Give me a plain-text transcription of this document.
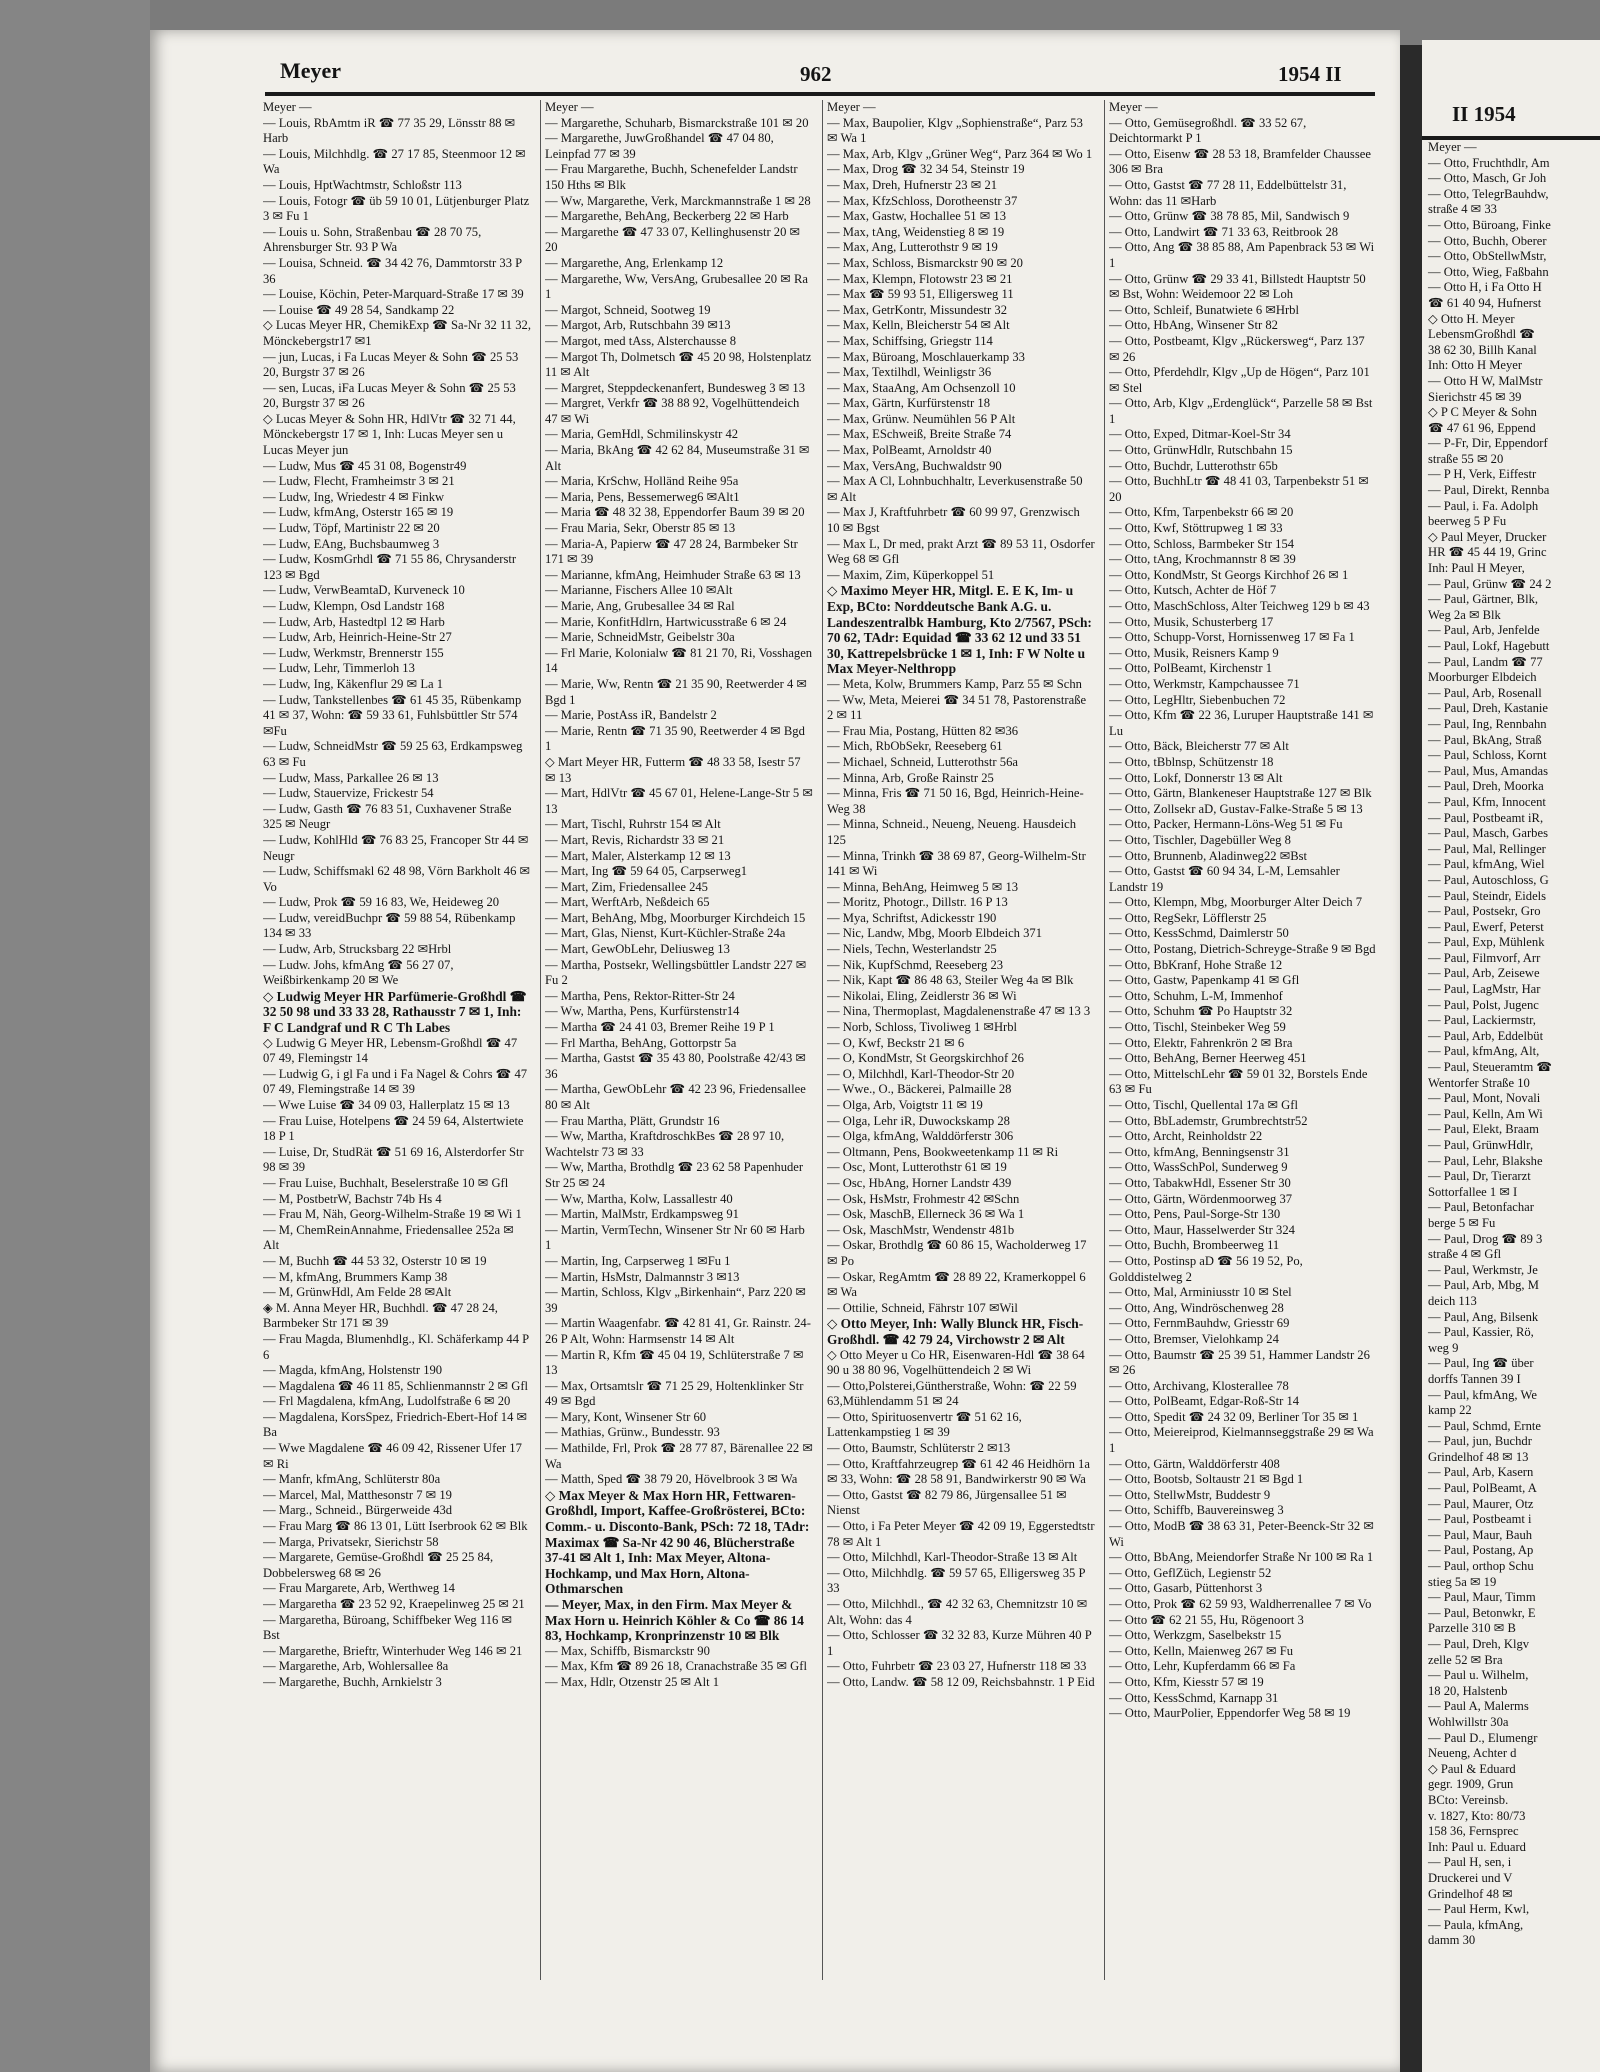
Meyer	962	1954 II
Meyer —
— Louis, RbAmtm iR ☎ 77 35 29, Lönsstr 88 ✉ Harb
— Louis, Milchhdlg. ☎ 27 17 85, Steenmoor 12 ✉ Wa
— Louis, HptWachtmstr, Schloßstr 113
— Louis, Fotogr ☎ üb 59 10 01, Lütjenburger Platz 3 ✉ Fu 1
— Louis u. Sohn, Straßenbau ☎ 28 70 75, Ahrensburger Str. 93 P Wa
— Louisa, Schneid. ☎ 34 42 76, Dammtorstr 33 P 36
— Louise, Köchin, Peter-Marquard-Straße 17 ✉ 39
— Louise ☎ 49 28 54, Sandkamp 22
◇ Lucas Meyer HR, ChemikExp ☎ Sa-Nr 32 11 32, Mönckebergstr17 ✉1
— jun, Lucas, i Fa Lucas Meyer & Sohn ☎ 25 53 20, Burgstr 37 ✉ 26
— sen, Lucas, iFa Lucas Meyer & Sohn ☎ 25 53 20, Burgstr 37 ✉ 26
◇ Lucas Meyer & Sohn HR, HdlVtr ☎ 32 71 44, Mönckebergstr 17 ✉ 1, Inh: Lucas Meyer sen u Lucas Meyer jun
— Ludw, Mus ☎ 45 31 08, Bogenstr49
— Ludw, Flecht, Framheimstr 3 ✉ 21
— Ludw, Ing, Wriedestr 4 ✉ Finkw
— Ludw, kfmAng, Osterstr 165 ✉ 19
— Ludw, Töpf, Martinistr 22 ✉ 20
— Ludw, EAng, Buchsbaumweg 3
— Ludw, KosmGrhdl ☎ 71 55 86, Chrysanderstr 123 ✉ Bgd
— Ludw, VerwBeamtaD, Kurveneck 10
— Ludw, Klempn, Osd Landstr 168
— Ludw, Arb, Hastedtpl 12 ✉ Harb
— Ludw, Arb, Heinrich-Heine-Str 27
— Ludw, Werkmstr, Brennerstr 155
— Ludw, Lehr, Timmerloh 13
— Ludw, Ing, Käkenflur 29 ✉ La 1
— Ludw, Tankstellenbes ☎ 61 45 35, Rübenkamp 41 ✉ 37, Wohn: ☎ 59 33 61, Fuhlsbüttler Str 574 ✉Fu
— Ludw, SchneidMstr ☎ 59 25 63, Erdkampsweg 63 ✉ Fu
— Ludw, Mass, Parkallee 26 ✉ 13
— Ludw, Stauervize, Frickestr 54
— Ludw, Gasth ☎ 76 83 51, Cuxhavener Straße 325 ✉ Neugr
— Ludw, KohlHld ☎ 76 83 25, Francoper Str 44 ✉ Neugr
— Ludw, Schiffsmakl 62 48 98, Vörn Barkholt 46 ✉ Vo
— Ludw, Prok ☎ 59 16 83, We, Heideweg 20
— Ludw, vereidBuchpr ☎ 59 88 54, Rübenkamp 134 ✉ 33
— Ludw, Arb, Strucksbarg 22 ✉Hrbl
— Ludw. Johs, kfmAng ☎ 56 27 07, Weißbirkenkamp 20 ✉ We
◇ Ludwig Meyer HR Parfümerie-Großhdl ☎ 32 50 98 und 33 33 28, Rathausstr 7 ✉ 1, Inh: F C Landgraf und R C Th Labes
◇ Ludwig G Meyer HR, Lebensm-Großhdl ☎ 47 07 49, Flemingstr 14
— Ludwig G, i gl Fa und i Fa Nagel & Cohrs ☎ 47 07 49, Flemingstraße 14 ✉ 39
— Wwe Luise ☎ 34 09 03, Hallerplatz 15 ✉ 13
— Frau Luise, Hotelpens ☎ 24 59 64, Alstertwiete 18 P 1
— Luise, Dr, StudRät ☎ 51 69 16, Alsterdorfer Str 98 ✉ 39
— Frau Luise, Buchhalt, Beselerstraße 10 ✉ Gfl
— M, PostbetrW, Bachstr 74b Hs 4
— Frau M, Näh, Georg-Wilhelm-Straße 19 ✉ Wi 1
— M, ChemReinAnnahme, Friedensallee 252a ✉ Alt
— M, Buchh ☎ 44 53 32, Osterstr 10 ✉ 19
— M, kfmAng, Brummers Kamp 38
— M, GrünwHdl, Am Felde 28 ✉Alt
◈ M. Anna Meyer HR, Buchhdl. ☎ 47 28 24, Barmbeker Str 171 ✉ 39
— Frau Magda, Blumenhdlg., Kl. Schäferkamp 44 P 6
— Magda, kfmAng, Holstenstr 190
— Magdalena ☎ 46 11 85, Schlienmannstr 2 ✉ Gfl
— Frl Magdalena, kfmAng, Ludolfstraße 6 ✉ 20
— Magdalena, KorsSpez, Friedrich-Ebert-Hof 14 ✉ Ba
— Wwe Magdalene ☎ 46 09 42, Rissener Ufer 17 ✉ Ri
— Manfr, kfmAng, Schlüterstr 80a
— Marcel, Mal, Matthesonstr 7 ✉ 19
— Marg., Schneid., Bürgerweide 43d
— Frau Marg ☎ 86 13 01, Lütt Iserbrook 62 ✉ Blk
— Marga, Privatsekr, Sierichstr 58
— Margarete, Gemüse-Großhdl ☎ 25 25 84, Dobbelersweg 68 ✉ 26
— Frau Margarete, Arb, Werthweg 14
— Margaretha ☎ 23 52 92, Kraepelinweg 25 ✉ 21
— Margaretha, Büroang, Schiffbeker Weg 116 ✉ Bst
— Margarethe, Brieftr, Winterhuder Weg 146 ✉ 21
— Margarethe, Arb, Wohlersallee 8a
— Margarethe, Buchh, Arnkielstr 3
Meyer —
— Margarethe, Schuharb, Bismarckstraße 101 ✉ 20
— Margarethe, JuwGroßhandel ☎ 47 04 80, Leinpfad 77 ✉ 39
— Frau Margarethe, Buchh, Schenefelder Landstr 150 Hths ✉ Blk
— Ww, Margarethe, Verk, Marckmannstraße 1 ✉ 28
— Margarethe, BehAng, Beckerberg 22 ✉ Harb
— Margarethe ☎ 47 33 07, Kellinghusenstr 20 ✉ 20
— Margarethe, Ang, Erlenkamp 12
— Margarethe, Ww, VersAng, Grubesallee 20 ✉ Ra 1
— Margot, Schneid, Sootweg 19
— Margot, Arb, Rutschbahn 39 ✉13
— Margot, med tAss, Alsterchausse 8
— Margot Th, Dolmetsch ☎ 45 20 98, Holstenplatz 11 ✉ Alt
— Margret, Steppdeckenanfert, Bundesweg 3 ✉ 13
— Margret, Verkfr ☎ 38 88 92, Vogelhüttendeich 47 ✉ Wi
— Maria, GemHdl, Schmilinskystr 42
— Maria, BkAng ☎ 42 62 84, Museumstraße 31 ✉ Alt
— Maria, KrSchw, Holländ Reihe 95a
— Maria, Pens, Bessemerweg6 ✉Alt1
— Maria ☎ 48 32 38, Eppendorfer Baum 39 ✉ 20
— Frau Maria, Sekr, Oberstr 85 ✉ 13
— Maria-A, Papierw ☎ 47 28 24, Barmbeker Str 171 ✉ 39
— Marianne, kfmAng, Heimhuder Straße 63 ✉ 13
— Marianne, Fischers Allee 10 ✉Alt
— Marie, Ang, Grubesallee 34 ✉ Ral
— Marie, KonfitHdlrn, Hartwicusstraße 6 ✉ 24
— Marie, SchneidMstr, Geibelstr 30a
— Frl Marie, Kolonialw ☎ 81 21 70, Ri, Vosshagen 14
— Marie, Ww, Rentn ☎ 21 35 90, Reetwerder 4 ✉ Bgd 1
— Marie, PostAss iR, Bandelstr 2
— Marie, Rentn ☎ 71 35 90, Reetwerder 4 ✉ Bgd 1
◇ Mart Meyer HR, Futterm ☎ 48 33 58, Isestr 57 ✉ 13
— Mart, HdlVtr ☎ 45 67 01, Helene-Lange-Str 5 ✉ 13
— Mart, Tischl, Ruhrstr 154 ✉ Alt
— Mart, Revis, Richardstr 33 ✉ 21
— Mart, Maler, Alsterkamp 12 ✉ 13
— Mart, Ing ☎ 59 64 05, Carpserweg1
— Mart, Zim, Friedensallee 245
— Mart, WerftArb, Neßdeich 65
— Mart, BehAng, Mbg, Moorburger Kirchdeich 15
— Mart, Glas, Nienst, Kurt-Küchler-Straße 24a
— Mart, GewObLehr, Deliusweg 13
— Martha, Postsekr, Wellingsbüttler Landstr 227 ✉ Fu 2
— Martha, Pens, Rektor-Ritter-Str 24
— Ww, Martha, Pens, Kurfürstenstr14
— Martha ☎ 24 41 03, Bremer Reihe 19 P 1
— Frl Martha, BehAng, Gottorpstr 5a
— Martha, Gastst ☎ 35 43 80, Poolstraße 42/43 ✉ 36
— Martha, GewObLehr ☎ 42 23 96, Friedensallee 80 ✉ Alt
— Frau Martha, Plätt, Grundstr 16
— Ww, Martha, KraftdroschkBes ☎ 28 97 10, Wachtelstr 73 ✉ 33
— Ww, Martha, Brothdlg ☎ 23 62 58 Papenhuder Str 25 ✉ 24
— Ww, Martha, Kolw, Lassallestr 40
— Martin, MalMstr, Erdkampsweg 91
— Martin, VermTechn, Winsener Str Nr 60 ✉ Harb 1
— Martin, Ing, Carpserweg 1 ✉Fu 1
— Martin, HsMstr, Dalmannstr 3 ✉13
— Martin, Schloss, Klgv „Birkenhain“, Parz 220 ✉ 39
— Martin Waagenfabr. ☎ 42 81 41, Gr. Rainstr. 24-26 P Alt, Wohn: Harmsenstr 14 ✉ Alt
— Martin R, Kfm ☎ 45 04 19, Schlüterstraße 7 ✉ 13
— Max, Ortsamtslr ☎ 71 25 29, Holtenklinker Str 49 ✉ Bgd
— Mary, Kont, Winsener Str 60
— Mathias, Grünw., Bundesstr. 93
— Mathilde, Frl, Prok ☎ 28 77 87, Bärenallee 22 ✉ Wa
— Matth, Sped ☎ 38 79 20, Hövelbrook 3 ✉ Wa
◇ Max Meyer & Max Horn HR, Fettwaren-Großhdl, Import, Kaffee-Großrösterei, BCto: Comm.- u. Disconto-Bank, PSch: 72 18, TAdr: Maximax ☎ Sa-Nr 42 90 46, Blücherstraße 37-41 ✉ Alt 1, Inh: Max Meyer, Altona-Hochkamp, und Max Horn, Altona-Othmarschen
— Meyer, Max, in den Firm. Max Meyer & Max Horn u. Heinrich Köhler & Co ☎ 86 14 83, Hochkamp, Kronprinzenstr 10 ✉ Blk
— Max, Schiffb, Bismarckstr 90
— Max, Kfm ☎ 89 26 18, Cranachstraße 35 ✉ Gfl
— Max, Hdlr, Otzenstr 25 ✉ Alt 1
Meyer —
— Max, Baupolier, Klgv „Sophienstraße“, Parz 53 ✉ Wa 1
— Max, Arb, Klgv „Grüner Weg“, Parz 364 ✉ Wo 1
— Max, Drog ☎ 32 34 54, Steinstr 19
— Max, Dreh, Hufnerstr 23 ✉ 21
— Max, KfzSchloss, Dorotheenstr 37
— Max, Gastw, Hochallee 51 ✉ 13
— Max, tAng, Weidenstieg 8 ✉ 19
— Max, Ang, Lutterothstr 9 ✉ 19
— Max, Schloss, Bismarckstr 90 ✉ 20
— Max, Klempn, Flotowstr 23 ✉ 21
— Max ☎ 59 93 51, Elligersweg 11
— Max, GetrKontr, Missundestr 32
— Max, Kelln, Bleicherstr 54 ✉ Alt
— Max, Schiffsing, Griegstr 114
— Max, Büroang, Moschlauerkamp 33
— Max, Textilhdl, Weinligstr 36
— Max, StaaAng, Am Ochsenzoll 10
— Max, Gärtn, Kurfürstenstr 18
— Max, Grünw. Neumühlen 56 P Alt
— Max, ESchweiß, Breite Straße 74
— Max, PolBeamt, Arnoldstr 40
— Max, VersAng, Buchwaldstr 90
— Max A Cl, Lohnbuchhaltr, Leverkusenstraße 50 ✉ Alt
— Max J, Kraftfuhrbetr ☎ 60 99 97, Grenzwisch 10 ✉ Bgst
— Max L, Dr med, prakt Arzt ☎ 89 53 11, Osdorfer Weg 68 ✉ Gfl
— Maxim, Zim, Küperkoppel 51
◇ Maximo Meyer HR, Mitgl. E. E K, Im- u Exp, BCto: Norddeutsche Bank A.G. u. Landeszentralbk Hamburg, Kto 2/7567, PSch: 70 62, TAdr: Equidad ☎ 33 62 12 und 33 51 30, Kattrepelsbrücke 1 ✉ 1, Inh: F W Nolte u Max Meyer-Nelthropp
— Meta, Kolw, Brummers Kamp, Parz 55 ✉ Schn
— Ww, Meta, Meierei ☎ 34 51 78, Pastorenstraße 2 ✉ 11
— Frau Mia, Postang, Hütten 82 ✉36
— Mich, RbObSekr, Reeseberg 61
— Michael, Schneid, Lutterothstr 56a
— Minna, Arb, Große Rainstr 25
— Minna, Fris ☎ 71 50 16, Bgd, Heinrich-Heine-Weg 38
— Minna, Schneid., Neueng, Neueng. Hausdeich 125
— Minna, Trinkh ☎ 38 69 87, Georg-Wilhelm-Str 141 ✉ Wi
— Minna, BehAng, Heimweg 5 ✉ 13
— Moritz, Photogr., Dillstr. 16 P 13
— Mya, Schriftst, Adickesstr 190
— Nic, Landw, Mbg, Moorb Elbdeich 371
— Niels, Techn, Westerlandstr 25
— Nik, KupfSchmd, Reeseberg 23
— Nik, Kapt ☎ 86 48 63, Steiler Weg 4a ✉ Blk
— Nikolai, Eling, Zeidlerstr 36 ✉ Wi
— Nina, Thermoplast, Magdalenenstraße 47 ✉ 13 3
— Norb, Schloss, Tivoliweg 1 ✉Hrbl
— O, Kwf, Beckstr 21 ✉ 6
— O, KondMstr, St Georgskirchhof 26
— O, Milchhdl, Karl-Theodor-Str 20
— Wwe., O., Bäckerei, Palmaille 28
— Olga, Arb, Voigtstr 11 ✉ 19
— Olga, Lehr iR, Duwockskamp 28
— Olga, kfmAng, Walddörferstr 306
— Oltmann, Pens, Bookweetenkamp 11 ✉ Ri
— Osc, Mont, Lutterothstr 61 ✉ 19
— Osc, HbAng, Horner Landstr 439
— Osk, HsMstr, Frohmestr 42 ✉Schn
— Osk, MaschB, Ellerneck 36 ✉ Wa 1
— Osk, MaschMstr, Wendenstr 481b
— Oskar, Brothdlg ☎ 60 86 15, Wacholderweg 17 ✉ Po
— Oskar, RegAmtm ☎ 28 89 22, Kramerkoppel 6 ✉ Wa
— Ottilie, Schneid, Fährstr 107 ✉Wil
◇ Otto Meyer, Inh: Wally Blunck HR, Fisch-Großhdl. ☎ 42 79 24, Virchowstr 2 ✉ Alt
◇ Otto Meyer u Co HR, Eisenwaren-Hdl ☎ 38 64 90 u 38 80 96, Vogelhüttendeich 2 ✉ Wi
— Otto,Polsterei,Güntherstraße, Wohn: ☎ 22 59 63,Mühlendamm 51 ✉ 24
— Otto, Spirituosenvertr ☎ 51 62 16, Lattenkampstieg 1 ✉ 39
— Otto, Baumstr, Schlüterstr 2 ✉13
— Otto, Kraftfahrzeugrep ☎ 61 42 46 Heidhörn 1a ✉ 33, Wohn: ☎ 28 58 91, Bandwirkerstr 90 ✉ Wa
— Otto, Gastst ☎ 82 79 86, Jürgensallee 51 ✉ Nienst
— Otto, i Fa Peter Meyer ☎ 42 09 19, Eggerstedtstr 78 ✉ Alt 1
— Otto, Milchhdl, Karl-Theodor-Straße 13 ✉ Alt
— Otto, Milchhdlg. ☎ 59 57 65, Elligersweg 35 P 33
— Otto, Milchhdl., ☎ 42 32 63, Chemnitzstr 10 ✉Alt, Wohn: das 4
— Otto, Schlosser ☎ 32 32 83, Kurze Mühren 40 P 1
— Otto, Fuhrbetr ☎ 23 03 27, Hufnerstr 118 ✉ 33
— Otto, Landw. ☎ 58 12 09, Reichsbahnstr. 1 P Eid
Meyer —
— Otto, Gemüsegroßhdl. ☎ 33 52 67, Deichtormarkt P 1
— Otto, Eisenw ☎ 28 53 18, Bramfelder Chaussee 306 ✉ Bra
— Otto, Gastst ☎ 77 28 11, Eddelbüttelstr 31, Wohn: das 11 ✉Harb
— Otto, Grünw ☎ 38 78 85, Mil, Sandwisch 9
— Otto, Landwirt ☎ 71 33 63, Reitbrook 28
— Otto, Ang ☎ 38 85 88, Am Papenbrack 53 ✉ Wi 1
— Otto, Grünw ☎ 29 33 41, Billstedt Hauptstr 50 ✉ Bst, Wohn: Weidemoor 22 ✉ Loh
— Otto, Schleif, Bunatwiete 6 ✉Hrbl
— Otto, HbAng, Winsener Str 82
— Otto, Postbeamt, Klgv „Rückersweg“, Parz 137 ✉ 26
— Otto, Pferdehdlr, Klgv „Up de Högen“, Parz 101 ✉ Stel
— Otto, Arb, Klgv „Erdenglück“, Parzelle 58 ✉ Bst 1
— Otto, Exped, Ditmar-Koel-Str 34
— Otto, GrünwHdlr, Rutschbahn 15
— Otto, Buchdr, Lutterothstr 65b
— Otto, BuchhLtr ☎ 48 41 03, Tarpenbekstr 51 ✉ 20
— Otto, Kfm, Tarpenbekstr 66 ✉ 20
— Otto, Kwf, Stöttrupweg 1 ✉ 33
— Otto, Schloss, Barmbeker Str 154
— Otto, tAng, Krochmannstr 8 ✉ 39
— Otto, KondMstr, St Georgs Kirchhof 26 ✉ 1
— Otto, Kutsch, Achter de Höf 7
— Otto, MaschSchloss, Alter Teichweg 129 b ✉ 43
— Otto, Musik, Schusterberg 17
— Otto, Schupp-Vorst, Hornissenweg 17 ✉ Fa 1
— Otto, Musik, Reisners Kamp 9
— Otto, PolBeamt, Kirchenstr 1
— Otto, Werkmstr, Kampchaussee 71
— Otto, LegHltr, Siebenbuchen 72
— Otto, Kfm ☎ 22 36, Luruper Hauptstraße 141 ✉ Lu
— Otto, Bäck, Bleicherstr 77 ✉ Alt
— Otto, tBblnsp, Schützenstr 18
— Otto, Lokf, Donnerstr 13 ✉ Alt
— Otto, Gärtn, Blankeneser Hauptstraße 127 ✉ Blk
— Otto, Zollsekr aD, Gustav-Falke-Straße 5 ✉ 13
— Otto, Packer, Hermann-Löns-Weg 51 ✉ Fu
— Otto, Tischler, Dagebüller Weg 8
— Otto, Brunnenb, Aladinweg22 ✉Bst
— Otto, Gastst ☎ 60 94 34, L-M, Lemsahler Landstr 19
— Otto, Klempn, Mbg, Moorburger Alter Deich 7
— Otto, RegSekr, Löfflerstr 25
— Otto, KessSchmd, Daimlerstr 50
— Otto, Postang, Dietrich-Schreyge-Straße 9 ✉ Bgd
— Otto, BbKranf, Hohe Straße 12
— Otto, Gastw, Papenkamp 41 ✉ Gfl
— Otto, Schuhm, L-M, Immenhof
— Otto, Schuhm ☎ Po Hauptstr 32
— Otto, Tischl, Steinbeker Weg 59
— Otto, Elektr, Fahrenkrön 2 ✉ Bra
— Otto, BehAng, Berner Heerweg 451
— Otto, MittelschLehr ☎ 59 01 32, Borstels Ende 63 ✉ Fu
— Otto, Tischl, Quellental 17a ✉ Gfl
— Otto, BbLademstr, Grumbrechtstr52
— Otto, Archt, Reinholdstr 22
— Otto, kfmAng, Benningsenstr 31
— Otto, WassSchPol, Sunderweg 9
— Otto, TabakwHdl, Essener Str 30
— Otto, Gärtn, Wördenmoorweg 37
— Otto, Pens, Paul-Sorge-Str 130
— Otto, Maur, Hasselwerder Str 324
— Otto, Buchh, Brombeerweg 11
— Otto, Postinsp aD ☎ 56 19 52, Po, Golddistelweg 2
— Otto, Mal, Arminiusstr 10 ✉ Stel
— Otto, Ang, Windröschenweg 28
— Otto, FernmBauhdw, Griesstr 69
— Otto, Bremser, Vielohkamp 24
— Otto, Baumstr ☎ 25 39 51, Hammer Landstr 26 ✉ 26
— Otto, Archivang, Klosterallee 78
— Otto, PolBeamt, Edgar-Roß-Str 14
— Otto, Spedit ☎ 24 32 09, Berliner Tor 35 ✉ 1
— Otto, Meiereiprod, Kielmannseggstraße 29 ✉ Wa 1
— Otto, Gärtn, Walddörferstr 408
— Otto, Bootsb, Soltaustr 21 ✉ Bgd 1
— Otto, StellwMstr, Buddestr 9
— Otto, Schiffb, Bauvereinsweg 3
— Otto, ModB ☎ 38 63 31, Peter-Beenck-Str 32 ✉ Wi
— Otto, BbAng, Meiendorfer Straße Nr 100 ✉ Ra 1
— Otto, GeflZüch, Legienstr 52
— Otto, Gasarb, Püttenhorst 3
— Otto, Prok ☎ 62 59 93, Waldherrenallee 7 ✉ Vo
— Otto ☎ 62 21 55, Hu, Rögenoort 3
— Otto, Werkzgm, Saselbekstr 15
— Otto, Kelln, Maienweg 267 ✉ Fu
— Otto, Lehr, Kupferdamm 66 ✉ Fa
— Otto, Kfm, Kiesstr 57 ✉ 19
— Otto, KessSchmd, Karnapp 31
— Otto, MaurPolier, Eppendorfer Weg 58 ✉ 19
II 1954
Meyer —
— Otto, Fruchthdlr, Am
— Otto, Masch, Gr Joh
— Otto, TelegrBauhdw,
straße 4 ✉ 33
— Otto, Büroang, Finke
— Otto, Buchh, Oberer
— Otto, ObStellwMstr,
— Otto, Wieg, Faßbahn
— Otto H, i Fa Otto H
☎ 61 40 94, Hufnerst
◇ Otto H. Meyer
LebensmGroßhdl ☎
38 62 30, Billh Kanal
Inh: Otto H Meyer
— Otto H W, MalMstr
Sierichstr 45 ✉ 39
◇ P C Meyer & Sohn
☎ 47 61 96, Eppend
— P-Fr, Dir, Eppendorf
straße 55 ✉ 20
— P H, Verk, Eiffestr
— Paul, Direkt, Rennba
— Paul, i. Fa. Adolph
beerweg 5 P Fu
◇ Paul Meyer, Drucker
HR ☎ 45 44 19, Grinc
Inh: Paul H Meyer,
— Paul, Grünw ☎ 24 2
— Paul, Gärtner, Blk,
Weg 2a ✉ Blk
— Paul, Arb, Jenfelde
— Paul, Lokf, Hagebutt
— Paul, Landm ☎ 77
Moorburger Elbdeich
— Paul, Arb, Rosenall
— Paul, Dreh, Kastanie
— Paul, Ing, Rennbahn
— Paul, BkAng, Straß
— Paul, Schloss, Kornt
— Paul, Mus, Amandas
— Paul, Dreh, Moorka
— Paul, Kfm, Innocent
— Paul, Postbeamt iR,
— Paul, Masch, Garbes
— Paul, Mal, Rellinger
— Paul, kfmAng, Wiel
— Paul, Autoschloss, G
— Paul, Steindr, Eidels
— Paul, Postsekr, Gro
— Paul, Ewerf, Peterst
— Paul, Exp, Mühlenk
— Paul, Filmvorf, Arr
— Paul, Arb, Zeisewe
— Paul, LagMstr, Har
— Paul, Polst, Jugenc
— Paul, Lackiermstr,
— Paul, Arb, Eddelbüt
— Paul, kfmAng, Alt,
— Paul, Steueramtm ☎
Wentorfer Straße 10
— Paul, Mont, Novali
— Paul, Kelln, Am Wi
— Paul, Elekt, Braam
— Paul, GrünwHdlr,
— Paul, Lehr, Blakshe
— Paul, Dr, Tierarzt
Sottorfallee 1 ✉ I
— Paul, Betonfachar
berge 5 ✉ Fu
— Paul, Drog ☎ 89 3
straße 4 ✉ Gfl
— Paul, Werkmstr, Je
— Paul, Arb, Mbg, M
deich 113
— Paul, Ang, Bilsenk
— Paul, Kassier, Rö,
weg 9
— Paul, Ing ☎ über
dorffs Tannen 39 I
— Paul, kfmAng, We
kamp 22
— Paul, Schmd, Ernte
— Paul, jun, Buchdr
Grindelhof 48 ✉ 13
— Paul, Arb, Kasern
— Paul, PolBeamt, A
— Paul, Maurer, Otz
— Paul, Postbeamt i
— Paul, Maur, Bauh
— Paul, Postang, Ap
— Paul, orthop Schu
stieg 5a ✉ 19
— Paul, Maur, Timm
— Paul, Betonwkr, E
Parzelle 310 ✉ B
— Paul, Dreh, Klgv
zelle 52 ✉ Bra
— Paul u. Wilhelm,
18 20, Halstenb
— Paul A, Malerms
Wohlwillstr 30a
— Paul D., Elumengr
Neueng, Achter d
◇ Paul & Eduard
gegr. 1909, Grun
BCto: Vereinsb.
v. 1827, Kto: 80/73
158 36, Fernsprec
Inh: Paul u. Eduard
— Paul H, sen, i
Druckerei und V
Grindelhof 48 ✉
— Paul Herm, Kwl,
— Paula, kfmAng,
damm 30
